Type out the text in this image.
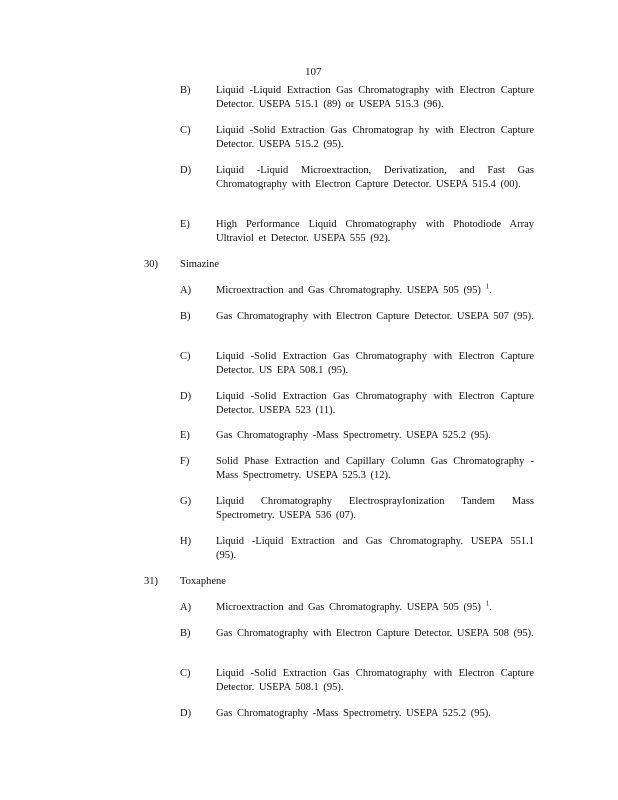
107
B) Liquid -Liquid Extraction Gas Chromatography with Electron Capture Detector. USEPA 515.1 (89) or USEPA 515.3 (96).
C) Liquid -Solid Extraction Gas Chromatograp hy with Electron Capture Detector. USEPA 515.2 (95).
D) Liquid -Liquid Microextraction, Derivatization, and Fast Gas Chromatography with Electron Capture Detector. USEPA 515.4 (00).
E) High Performance Liquid Chromatography with Photodiode Array Ultraviol et Detector. USEPA 555 (92).
30) Simazine
A) Microextraction and Gas Chromatography. USEPA 505 (95) $^1$.
B) Gas Chromatography with Electron Capture Detector. USEPA 507 (95).
C) Liquid -Solid Extraction Gas Chromatography with Electron Capture Detector. US EPA 508.1 (95).
D) Liquid -Solid Extraction Gas Chromatography with Electron Capture Detector. USEPA 523 (11).
E) Gas Chromatography -Mass Spectrometry. USEPA 525.2 (95).
F)	Solid Phase Extraction and Capillary Column Gas Chromatography -Mass Spectrometry. USEPA 525.3 (12).
G) Liquid Chromatography ElectrosprayIonization Tandem Mass Spectrometry. USEPA 536 (07).
H) Liquid -Liquid Extraction and Gas Chromatography. USEPA 551.1 (95).
31) Toxaphene
A) Microextraction and Gas Chromatography. USEPA 505 (95) $^1$.
B) Gas Chromatography with Electron Capture Detector. USEPA 508 (95).
C) Liquid -Solid Extraction Gas Chromatography with Electron Capture Detector. USEPA 508.1 (95).
D) Gas Chromatography -Mass Spectrometry. USEPA 525.2 (95).
